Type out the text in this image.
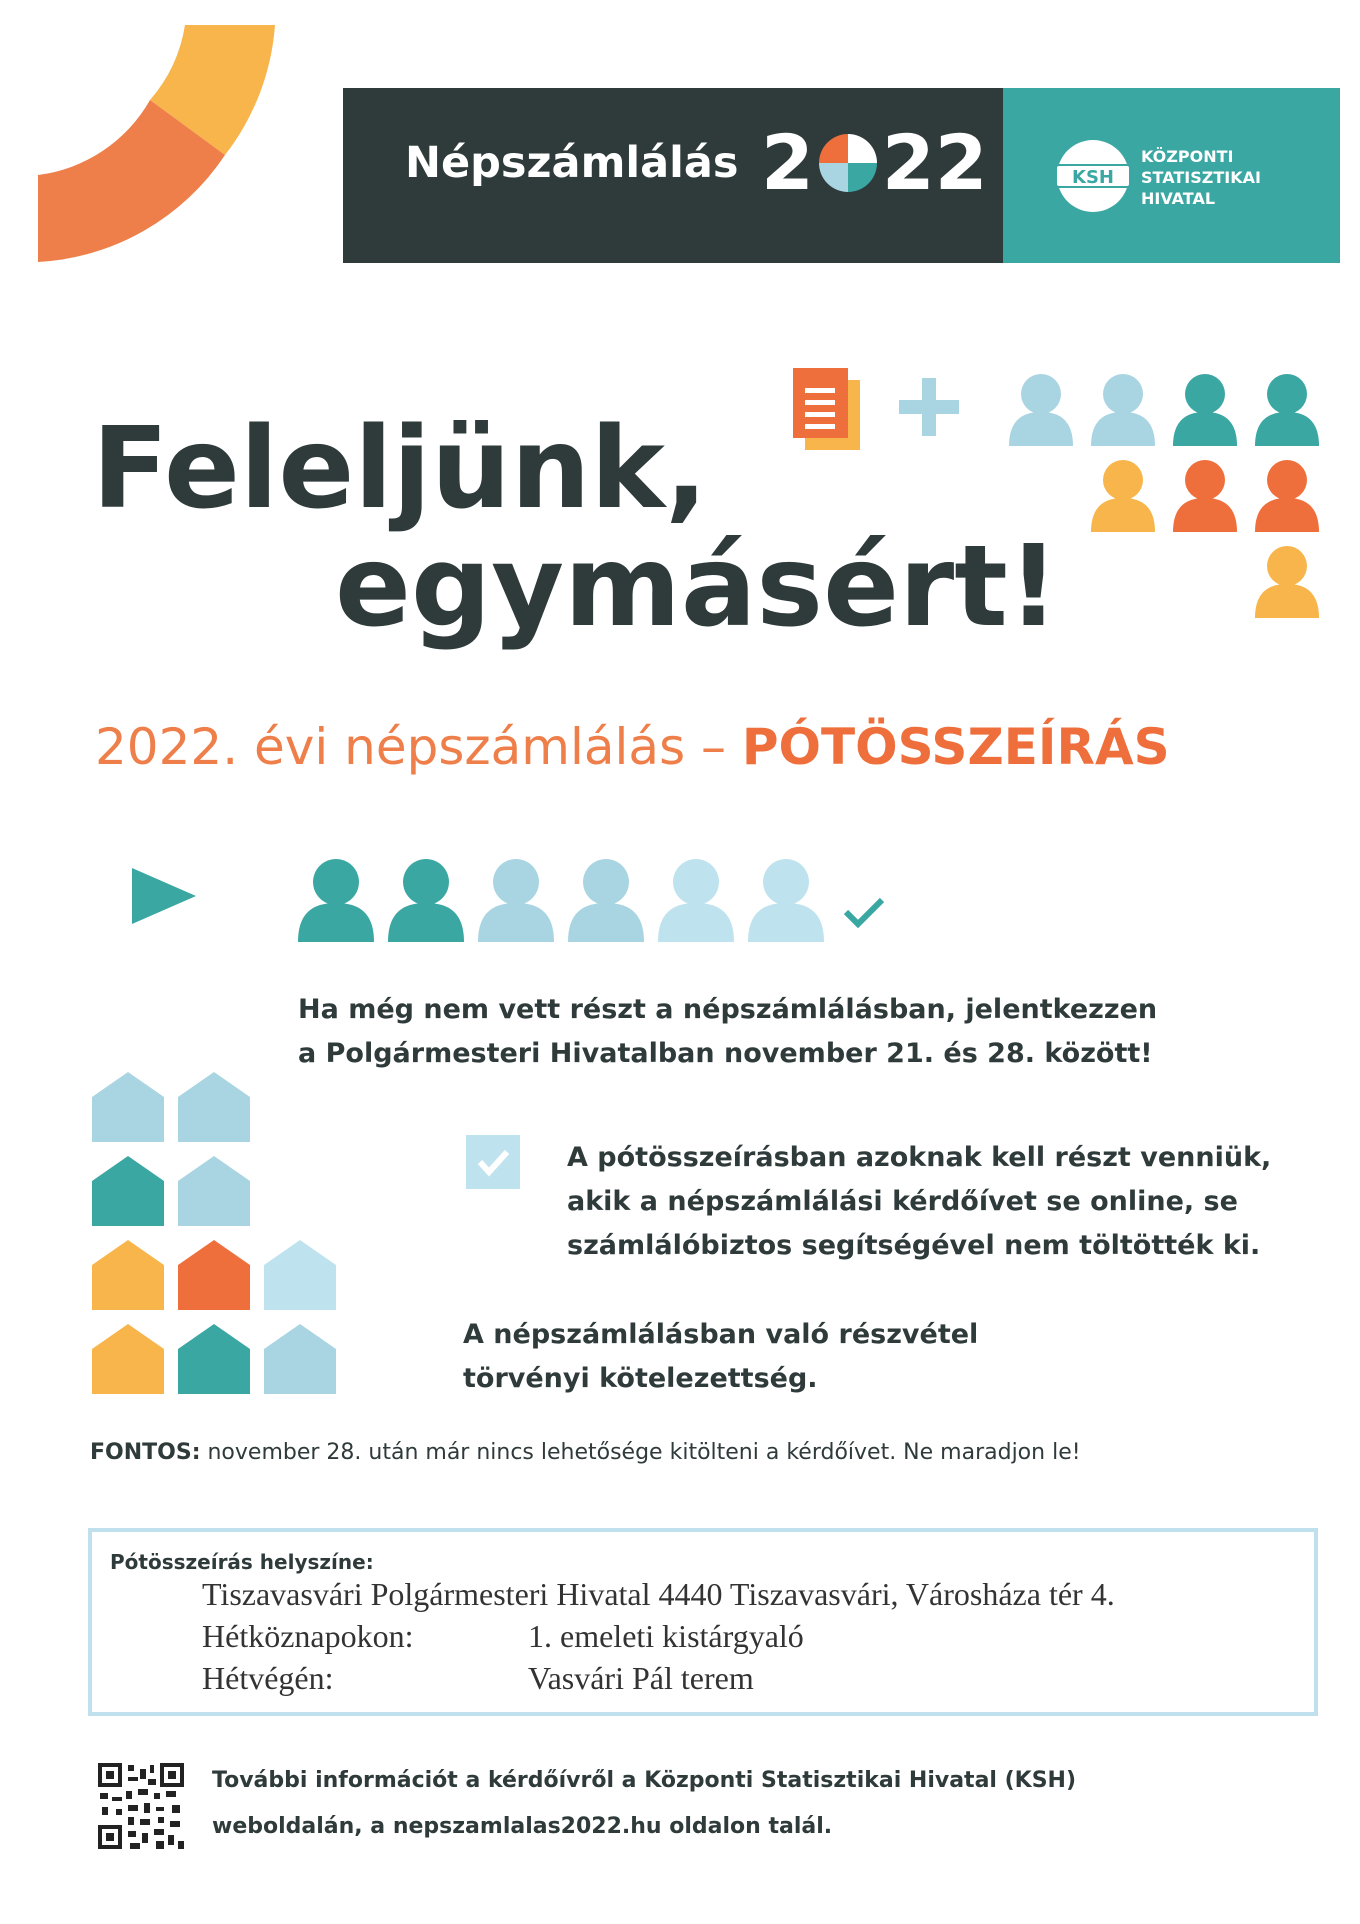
Népszámlálás 2 22	KSH
KÖZPONTI
STATISZTIKAI
HIVATAL
Feleljünk,
egymásért!
2022. évi népszámlálás – PÓTÖSSZEÍRÁS
Ha még nem vett részt a népszámlálásban, jelentkezzen
a Polgármesteri Hivatalban november 21. és 28. között!
A pótösszeírásban azoknak kell részt venniük,
akik a népszámlálási kérdőívet se online, se
számlálóbiztos segítségével nem töltötték ki.
A népszámlálásban való részvétel
törvényi kötelezettség.
FONTOS: november 28. után már nincs lehetősége kitölteni a kérdőívet. Ne maradjon le!
Pótösszeírás helyszíne:
Tiszavasvári Polgármesteri Hivatal 4440 Tiszavasvári, Városháza tér 4.
Hétköznapokon:	1. emeleti kistárgyaló
Hétvégén:	Vasvári Pál terem
További információt a kérdőívről a Központi Statisztikai Hivatal (KSH)
weboldalán, a nepszamlalas2022.hu oldalon talál.
